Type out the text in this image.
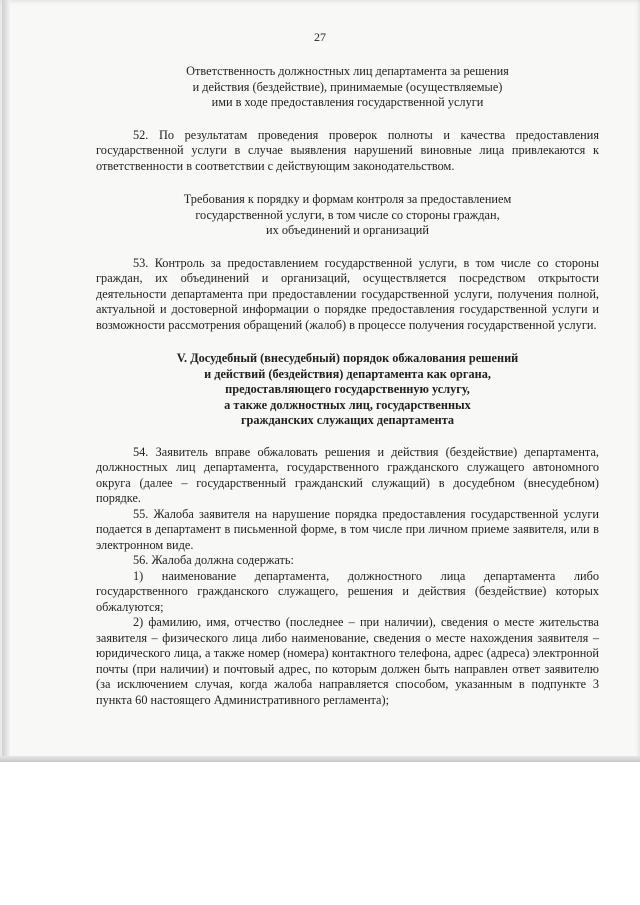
27
Ответственность должностных лиц департамента за решения
и действия (бездействие), принимаемые (осуществляемые)
ими в ходе предоставления государственной услуги

52. По результатам проведения проверок полноты и качества предоставления государственной услуги в случае выявления нарушений виновные лица привлекаются к ответственности в соответствии с действующим законодательством.

Требования к порядку и формам контроля за предоставлением
государственной услуги, в том числе со стороны граждан,
их объединений и организаций

53. Контроль за предоставлением государственной услуги, в том числе со стороны граждан, их объединений и организаций, осуществляется посредством открытости деятельности департамента при предоставлении государственной услуги, получения полной, актуальной и достоверной информации о порядке предоставления государственной услуги и возможности рассмотрения обращений (жалоб) в процессе получения государственной услуги.

V. Досудебный (внесудебный) порядок обжалования решений
и действий (бездействия) департамента как органа,
предоставляющего государственную услугу,
а также должностных лиц, государственных
гражданских служащих департамента

54. Заявитель вправе обжаловать решения и действия (бездействие) департамента, должностных лиц департамента, государственного гражданского служащего автономного округа (далее – государственный гражданский служащий) в досудебном (внесудебном) порядке.

55. Жалоба заявителя на нарушение порядка предоставления государственной услуги подается в департамент в письменной форме, в том числе при личном приеме заявителя, или в электронном виде.

56. Жалоба должна содержать:

1) наименование департамента, должностного лица департамента либо государственного гражданского служащего, решения и действия (бездействие) которых обжалуются;

2) фамилию, имя, отчество (последнее – при наличии), сведения о месте жительства заявителя – физического лица либо наименование, сведения о месте нахождения заявителя – юридического лица, а также номер (номера) контактного телефона, адрес (адреса) электронной почты (при наличии) и почтовый адрес, по которым должен быть направлен ответ заявителю (за исключением случая, когда жалоба направляется способом, указанным в подпункте 3 пункта 60 настоящего Административного регламента);
